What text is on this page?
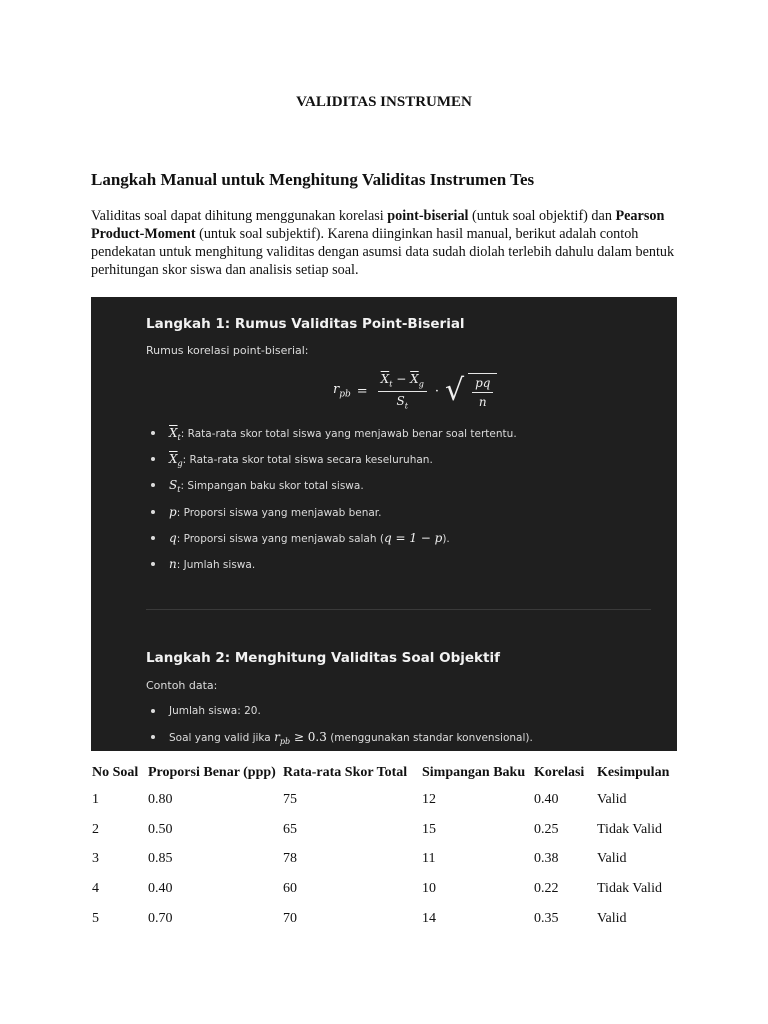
VALIDITAS INSTRUMEN
Langkah Manual untuk Menghitung Validitas Instrumen Tes
Validitas soal dapat dihitung menggunakan korelasi point-biserial (untuk soal objektif) dan Pearson Product-Moment (untuk soal subjektif). Karena diinginkan hasil manual, berikut adalah contoh pendekatan untuk menghitung validitas dengan asumsi data sudah diolah terlebih dahulu dalam bentuk perhitungan skor siswa dan analisis setiap soal.
Langkah 1: Rumus Validitas Point-Biserial
Rumus korelasi point-biserial:
$r_{pb} = \frac{\overline{X}_t - \overline{X}_g}{S_t}$ · √ $\frac{pq}{n}$
$\overline{X}_t$: Rata-rata skor total siswa yang menjawab benar soal tertentu.
$\overline{X}_g$: Rata-rata skor total siswa secara keseluruhan.
$S_t$: Simpangan baku skor total siswa.
p: Proporsi siswa yang menjawab benar.
q: Proporsi siswa yang menjawab salah (q = 1 − p).
n: Jumlah siswa.
Langkah 2: Menghitung Validitas Soal Objektif
Contoh data:
Jumlah siswa: 20.
Soal yang valid jika $r_{pb} \ge 0.3$ (menggunakan standar konvensional).
No Soal	Proporsi Benar (ppp)	Rata-rata Skor Total	Simpangan Baku	Korelasi	Kesimpulan
1	0.80	75	12	0.40	Valid
2	0.50	65	15	0.25	Tidak Valid
3	0.85	78	11	0.38	Valid
4	0.40	60	10	0.22	Tidak Valid
5	0.70	70	14	0.35	Valid
